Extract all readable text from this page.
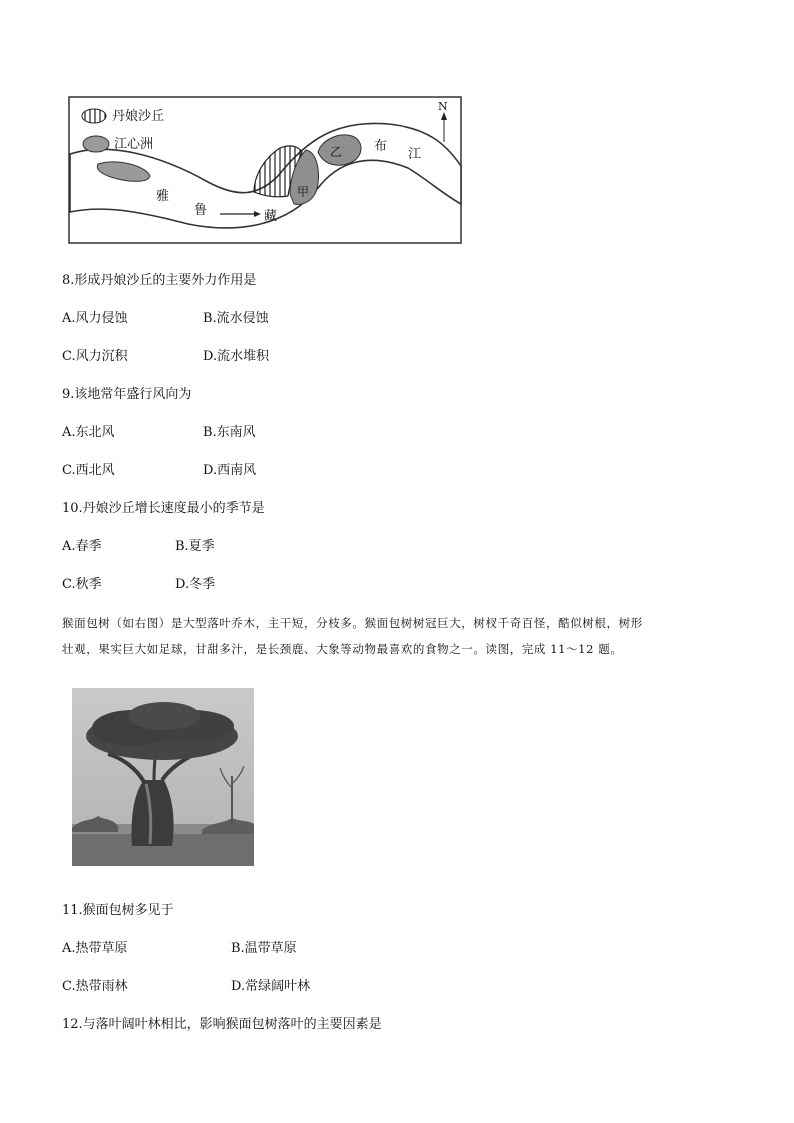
丹娘沙丘
江心洲
N
雅
鲁	藏
布
江
甲
乙
8.形成丹娘沙丘的主要外力作用是
A.风力侵蚀	B.流水侵蚀
C.风力沉积	D.流水堆积
9.该地常年盛行风向为
A.东北风	B.东南风
C.西北风	D.西南风
10.丹娘沙丘增长速度最小的季节是
A.春季	B.夏季
C.秋季	D.冬季
猴面包树（如右图）是大型落叶乔木，主干短，分枝多。猴面包树树冠巨大，树杈千奇百怪，酷似树根，树形
壮观，果实巨大如足球，甘甜多汁，是长颈鹿、大象等动物最喜欢的食物之一。读图，完成 11～12 题。
11.猴面包树多见于
A.热带草原	B.温带草原
C.热带雨林	D.常绿阔叶林
12.与落叶阔叶林相比，影响猴面包树落叶的主要因素是
